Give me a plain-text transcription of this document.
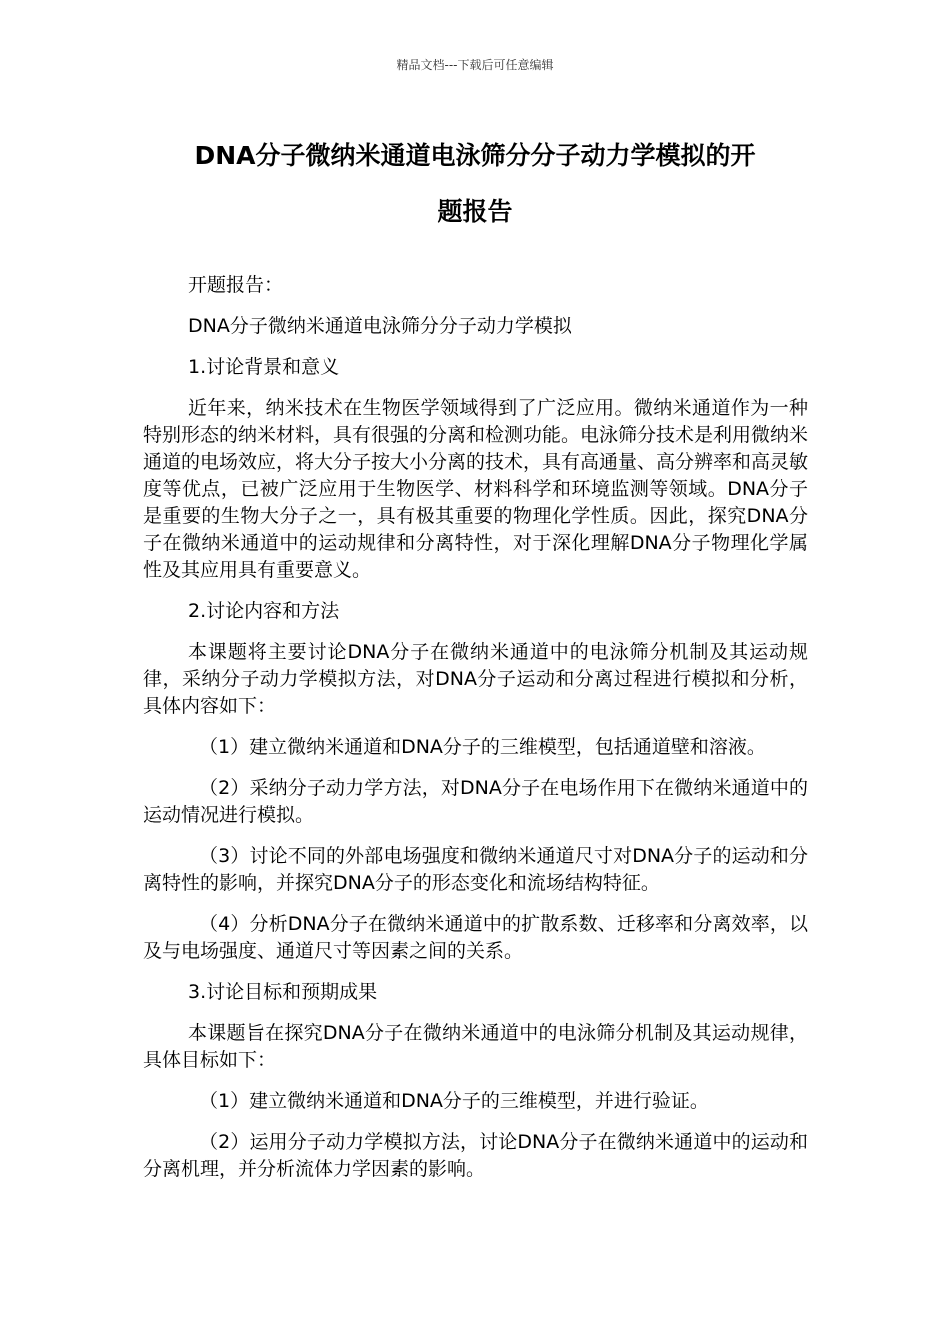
精品文档---下载后可任意编辑
DNA分子微纳米通道电泳筛分分子动力学模拟的开
题报告

开题报告：

DNA分子微纳米通道电泳筛分分子动力学模拟

1.讨论背景和意义

近年来，纳米技术在生物医学领域得到了广泛应用。微纳米通道作为一种特别形态的纳米材料，具有很强的分离和检测功能。电泳筛分技术是利用微纳米通道的电场效应，将大分子按大小分离的技术，具有高通量、高分辨率和高灵敏度等优点，已被广泛应用于生物医学、材料科学和环境监测等领域。DNA分子是重要的生物大分子之一，具有极其重要的物理化学性质。因此，探究DNA分子在微纳米通道中的运动规律和分离特性，对于深化理解DNA分子物理化学属性及其应用具有重要意义。

2.讨论内容和方法

本课题将主要讨论DNA分子在微纳米通道中的电泳筛分机制及其运动规律，采纳分子动力学模拟方法，对DNA分子运动和分离过程进行模拟和分析，具体内容如下：

（1）建立微纳米通道和DNA分子的三维模型，包括通道壁和溶液。

（2）采纳分子动力学方法，对DNA分子在电场作用下在微纳米通道中的运动情况进行模拟。

（3）讨论不同的外部电场强度和微纳米通道尺寸对DNA分子的运动和分离特性的影响，并探究DNA分子的形态变化和流场结构特征。

（4）分析DNA分子在微纳米通道中的扩散系数、迁移率和分离效率，以及与电场强度、通道尺寸等因素之间的关系。

3.讨论目标和预期成果

本课题旨在探究DNA分子在微纳米通道中的电泳筛分机制及其运动规律，具体目标如下：

（1）建立微纳米通道和DNA分子的三维模型，并进行验证。

（2）运用分子动力学模拟方法，讨论DNA分子在微纳米通道中的运动和分离机理，并分析流体力学因素的影响。
